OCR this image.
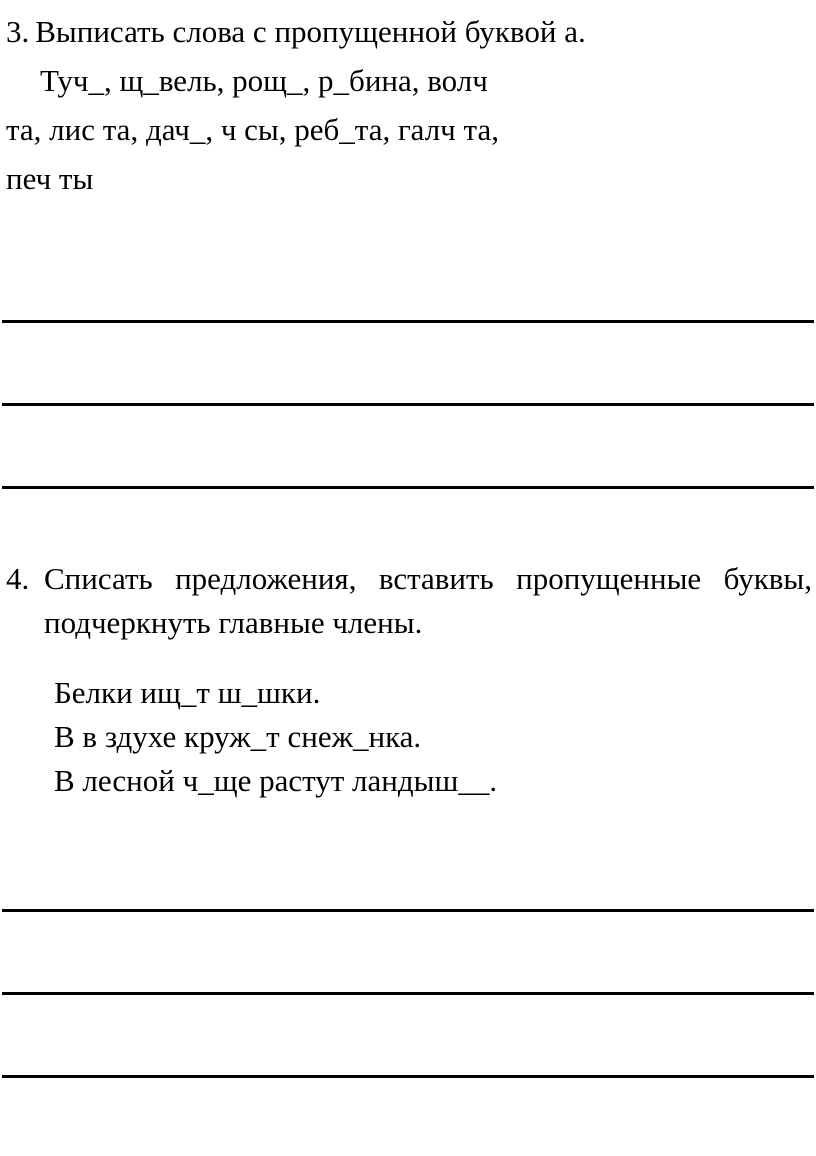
3. Выписать слова с пропущенной буквой а.

Туч_, щ_вель, рощ_, р_бина, волч

та, лис та, дач_, ч сы, реб_та, галч та,

печ ты

4. Списать предложения, вставить пропущенные буквы, подчеркнуть главные члены.

Белки ищ_т ш_шки.

В в здухе круж_т снеж_нка.

В лесной ч_ще растут ландыш__.
